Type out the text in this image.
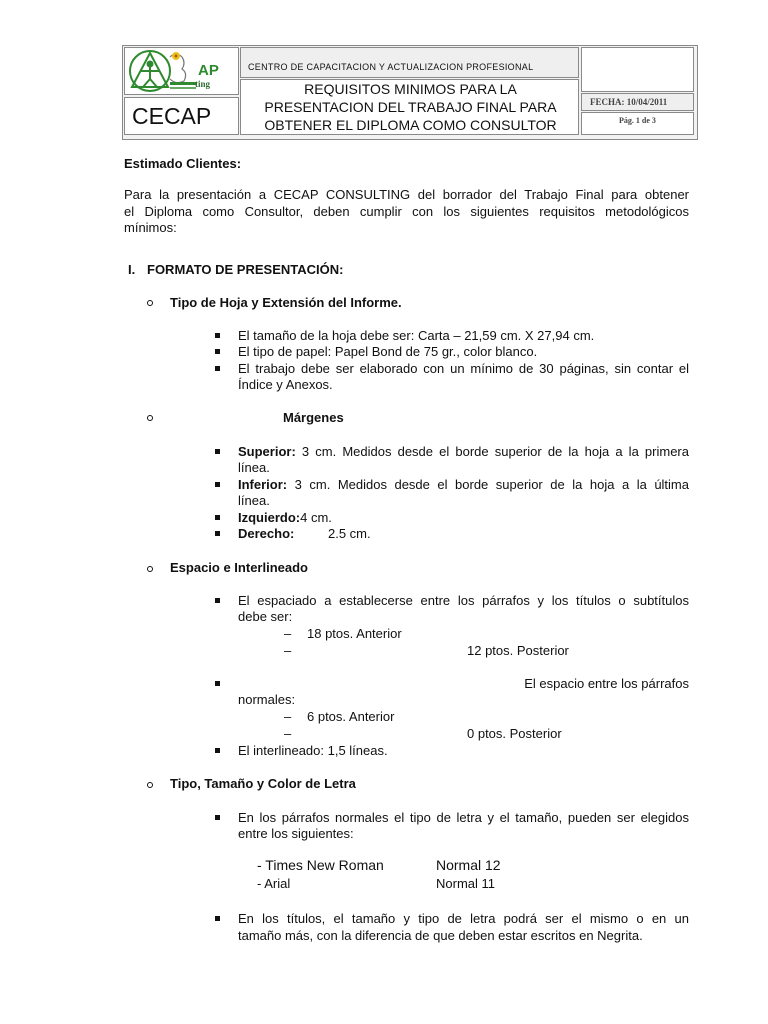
AP
ting
CECAP
CENTRO DE CAPACITACION Y ACTUALIZACION PROFESIONAL
REQUISITOS MINIMOS PARA LA
PRESENTACION DEL TRABAJO FINAL PARA
OBTENER EL DIPLOMA COMO CONSULTOR
FECHA: 10/04/2011
Pág. 1 de 3
Estimado Clientes:
Para la presentación a CECAP CONSULTING del borrador del Trabajo Final para obtener
el Diploma como Consultor, deben cumplir con los siguientes requisitos metodológicos
mínimos:
I. FORMATO DE PRESENTACIÓN:
Tipo de Hoja y Extensión del Informe.
El tamaño de la hoja debe ser: Carta – 21,59 cm. X 27,94 cm.
El tipo de papel: Papel Bond de 75 gr., color blanco.
El trabajo debe ser elaborado con un mínimo de 30 páginas, sin contar el
Índice y Anexos.
Márgenes
Superior: 3 cm. Medidos desde el borde superior de la hoja a la primera
línea.
Inferior: 3 cm. Medidos desde el borde superior de la hoja a la última
línea.
Izquierdo:4 cm.
Derecho:	2.5 cm.
Espacio e Interlineado
El espaciado a establecerse entre los párrafos y los títulos o subtítulos
debe ser:
– 18 ptos. Anterior
–	12 ptos. Posterior
El espacio entre los párrafos
normales:
– 6 ptos. Anterior
–	0 ptos. Posterior
El interlineado: 1,5 líneas.
Tipo, Tamaño y Color de Letra
En los párrafos normales el tipo de letra y el tamaño, pueden ser elegidos
entre los siguientes:
- Times New Roman	Normal 12
- Arial	Normal 11
En los títulos, el tamaño y tipo de letra podrá ser el mismo o en un
tamaño más, con la diferencia de que deben estar escritos en Negrita.
